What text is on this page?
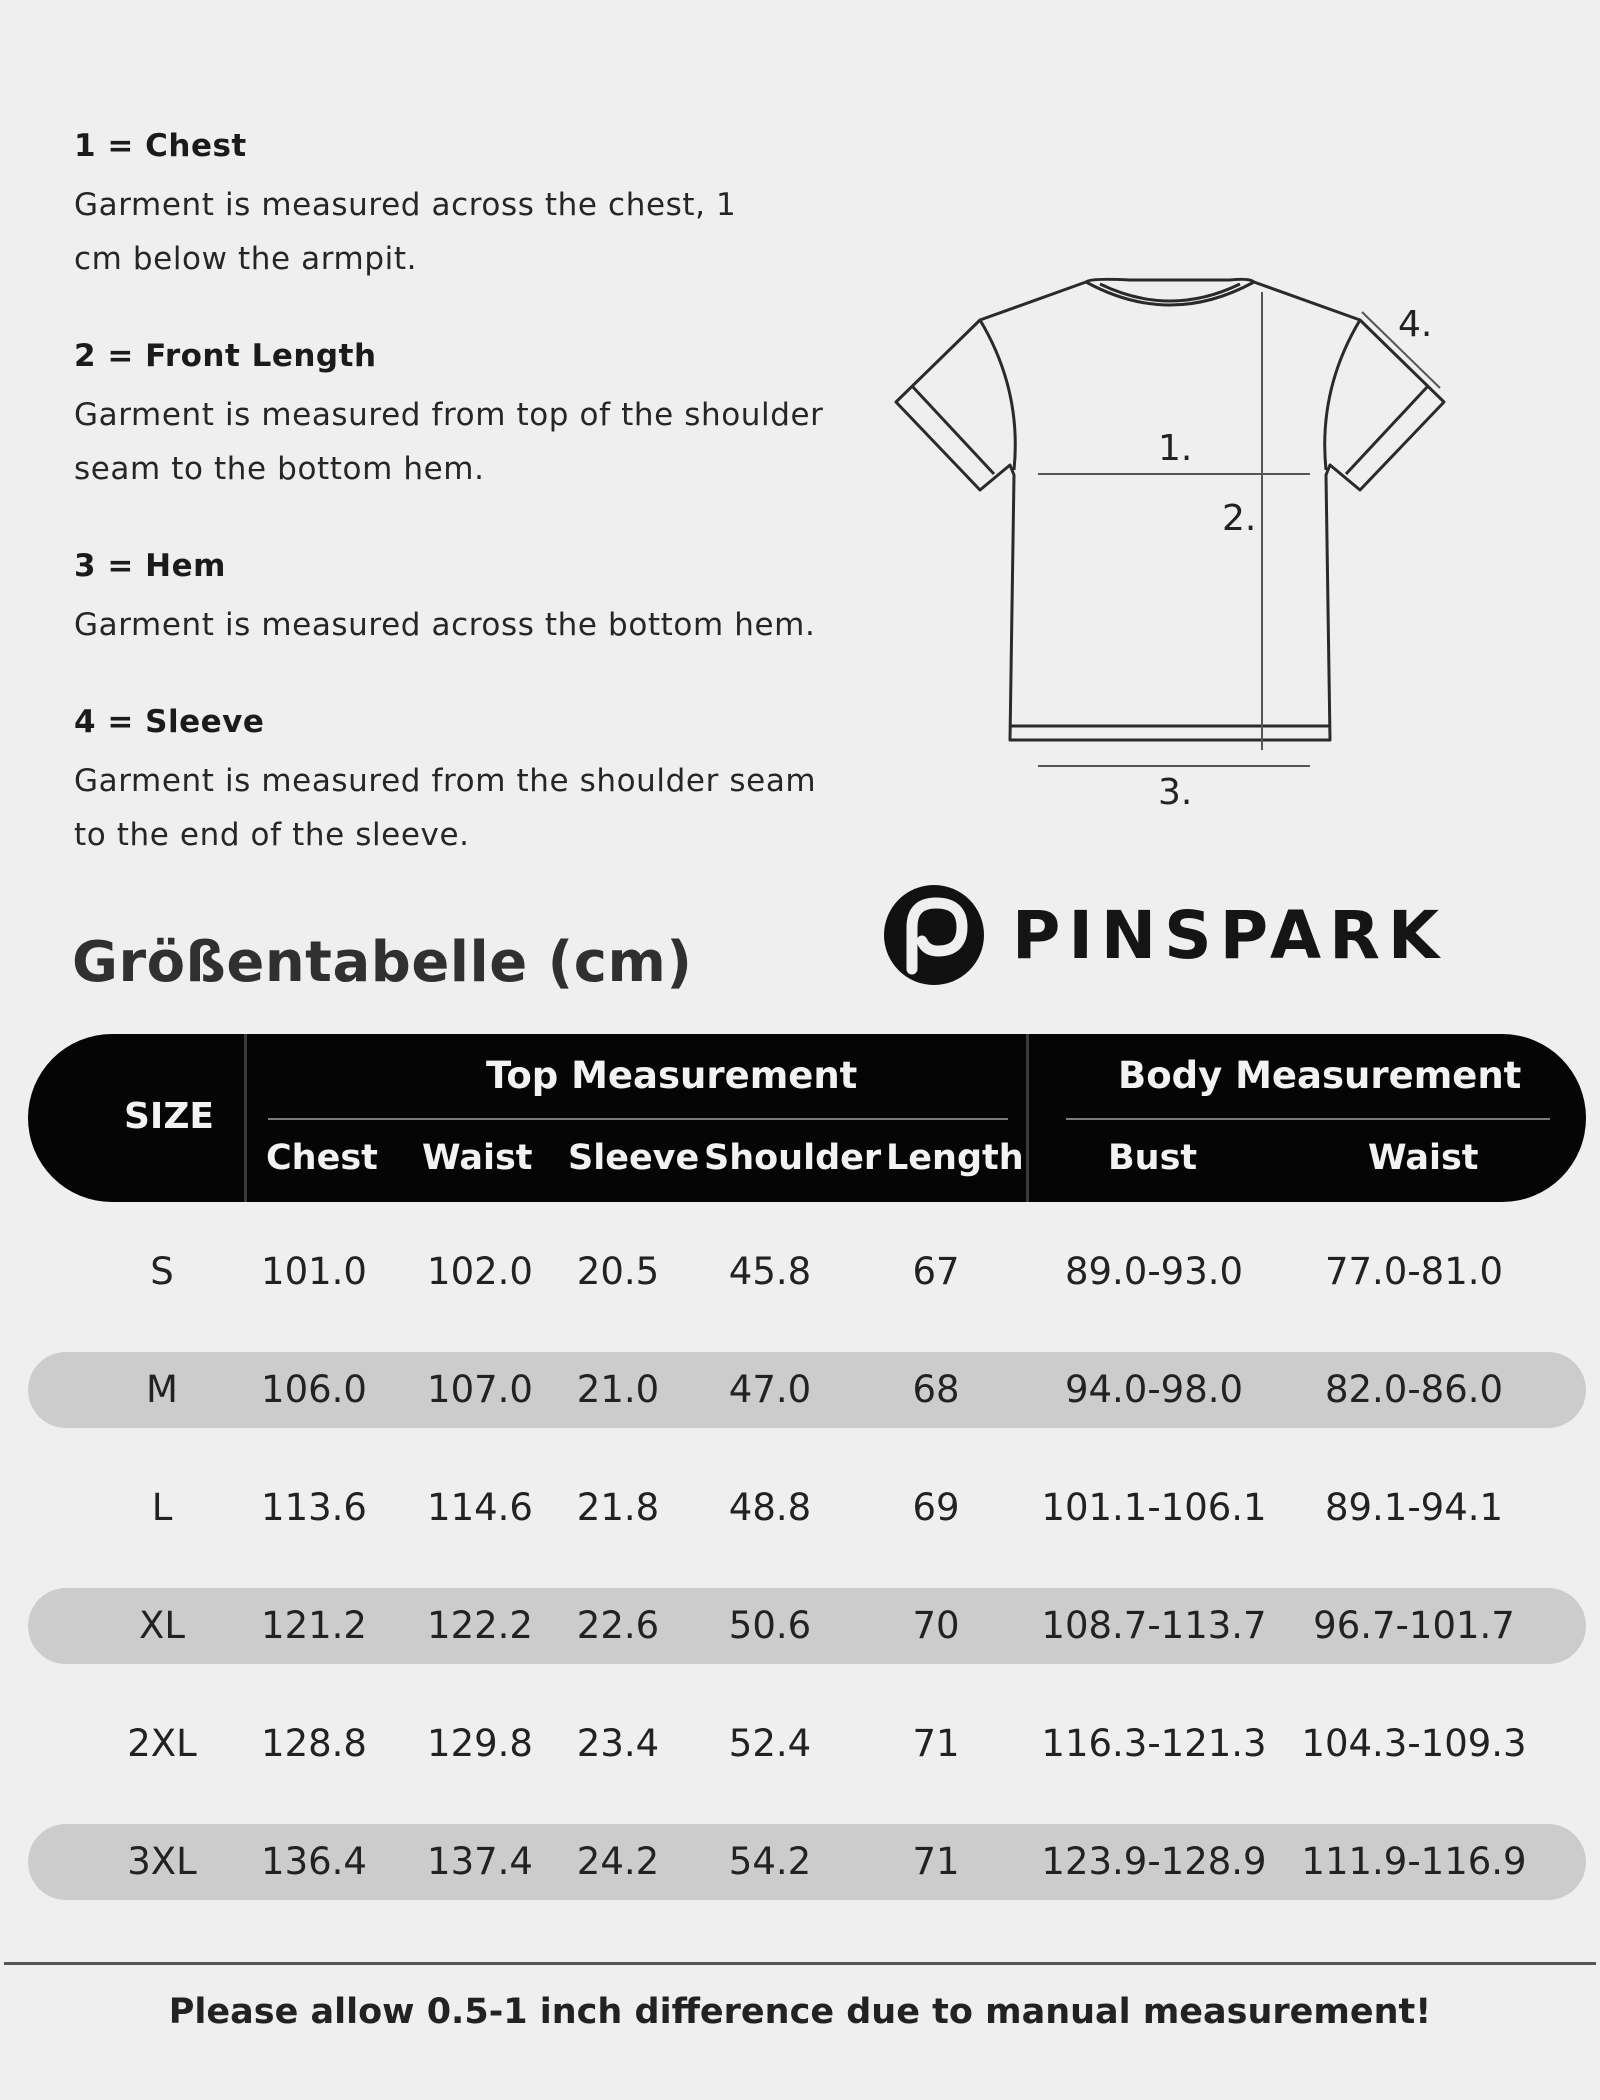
1 = Chest
Garment is measured across the chest, 1 cm below the armpit.
2 = Front Length
Garment is measured from top of the shoulder seam to the bottom hem.
3 = Hem
Garment is measured across the bottom hem.
4 = Sleeve
Garment is measured from the shoulder seam to the end of the sleeve.
1.
2.
3.
4.
PINSPARK
Größentabelle (cm)
SIZE
Top Measurement	Body Measurement
Chest Waist Sleeve Shoulder Length Bust	Waist
S 101.0 102.0 20.5 45.8	67	89.0-93.0 77.0-81.0
M 106.0 107.0 21.0 47.0	68	94.0-98.0 82.0-86.0
L 113.6 114.6 21.8 48.8	69 101.1-106.1 89.1-94.1
XL 121.2 122.2 22.6 50.6	70 108.7-113.7 96.7-101.7
2XL 128.8 129.8 23.4 52.4	71 116.3-121.3 104.3-109.3
3XL 136.4 137.4 24.2 54.2	71 123.9-128.9 111.9-116.9
Please allow 0.5-1 inch difference due to manual measurement!
